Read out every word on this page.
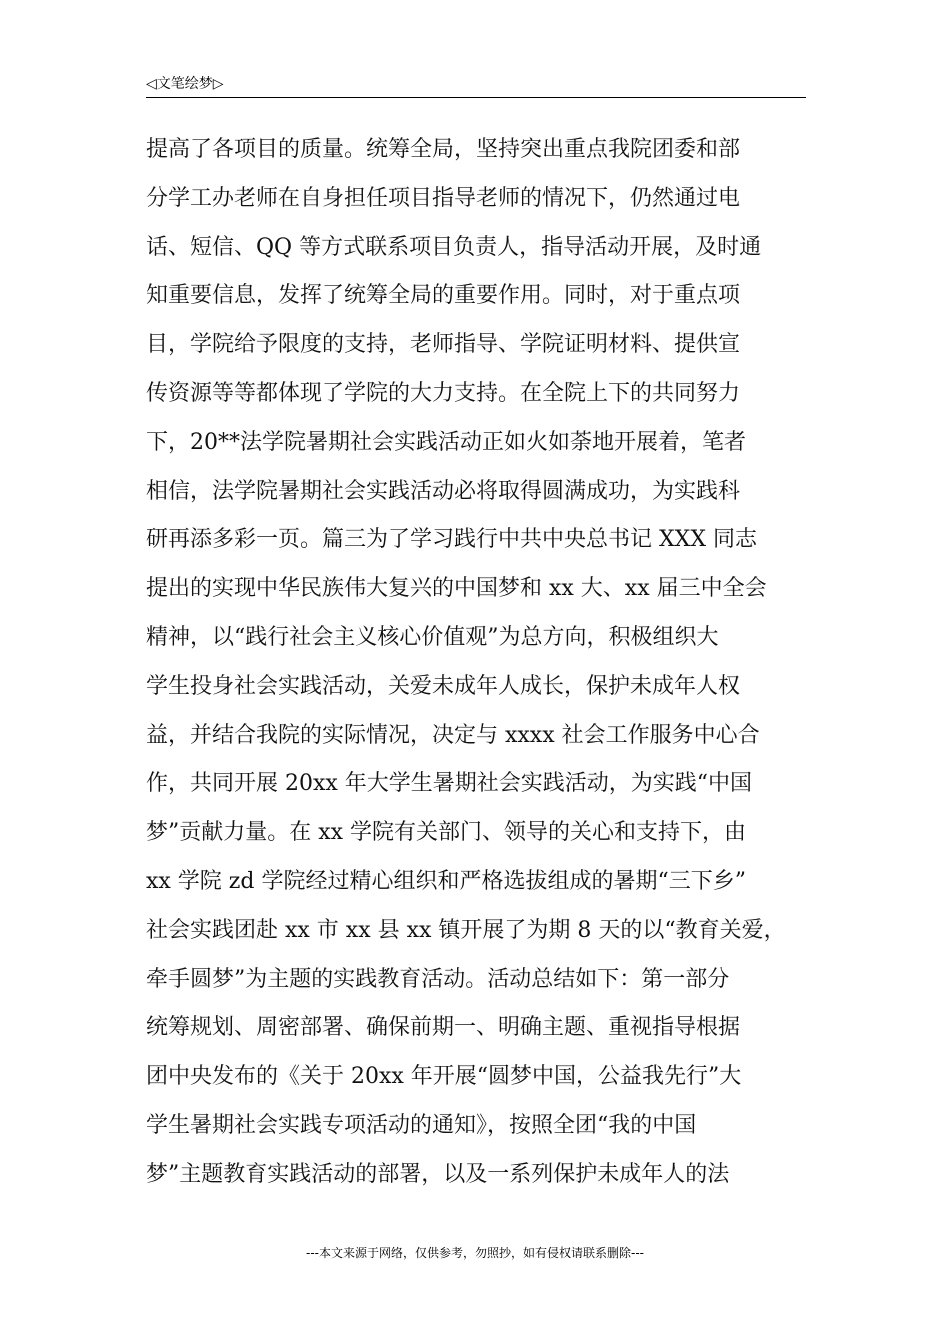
◁文笔绘梦▷
提高了各项目的质量。统筹全局，坚持突出重点我院团委和部
分学工办老师在自身担任项目指导老师的情况下，仍然通过电
话、短信、QQ 等方式联系项目负责人，指导活动开展，及时通
知重要信息，发挥了统筹全局的重要作用。同时，对于重点项
目，学院给予限度的支持，老师指导、学院证明材料、提供宣
传资源等等都体现了学院的大力支持。在全院上下的共同努力
下，20**法学院暑期社会实践活动正如火如荼地开展着，笔者
相信，法学院暑期社会实践活动必将取得圆满成功，为实践科
研再添多彩一页。篇三为了学习践行中共中央总书记 XXX 同志
提出的实现中华民族伟大复兴的中国梦和 xx 大、xx 届三中全会
精神，以“践行社会主义核心价值观”为总方向，积极组织大
学生投身社会实践活动，关爱未成年人成长，保护未成年人权
益，并结合我院的实际情况，决定与 xxxx 社会工作服务中心合
作，共同开展 20xx 年大学生暑期社会实践活动，为实践“中国
梦”贡献力量。在 xx 学院有关部门、领导的关心和支持下，由
xx 学院 zd 学院经过精心组织和严格选拔组成的暑期“三下乡”
社会实践团赴 xx 市 xx 县 xx 镇开展了为期 8 天的以“教育关爱，
牵手圆梦”为主题的实践教育活动。活动总结如下：第一部分
统筹规划、周密部署、确保前期一、明确主题、重视指导根据
团中央发布的《关于 20xx 年开展“圆梦中国，公益我先行”大
学生暑期社会实践专项活动的通知》，按照全团“我的中国
梦”主题教育实践活动的部署，以及一系列保护未成年人的法
---本文来源于网络，仅供参考，勿照抄，如有侵权请联系删除---
